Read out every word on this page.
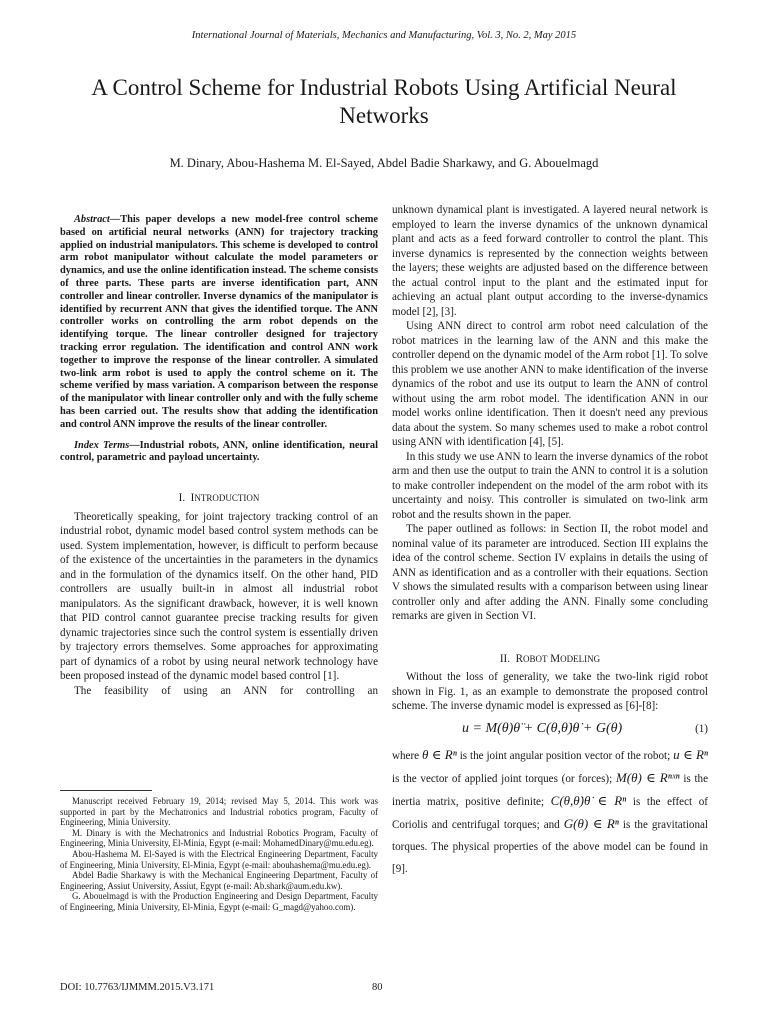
International Journal of Materials, Mechanics and Manufacturing, Vol. 3, No. 2, May 2015
A Control Scheme for Industrial Robots Using Artificial Neural Networks
M. Dinary, Abou-Hashema M. El-Sayed, Abdel Badie Sharkawy, and G. Abouelmagd

Abstract—This paper develops a new model-free control scheme based on artificial neural networks (ANN) for trajectory tracking applied on industrial manipulators. This scheme is developed to control arm robot manipulator without calculate the model parameters or dynamics, and use the online identification instead. The scheme consists of three parts. These parts are inverse identification part, ANN controller and linear controller. Inverse dynamics of the manipulator is identified by recurrent ANN that gives the identified torque. The ANN controller works on controlling the arm robot depends on the identifying torque. The linear controller designed for trajectory tracking error regulation. The identification and control ANN work together to improve the response of the linear controller. A simulated two-link arm robot is used to apply the control scheme on it. The scheme verified by mass variation. A comparison between the response of the manipulator with linear controller only and with the fully scheme has been carried out. The results show that adding the identification and control ANN improve the results of the linear controller.

Index Terms—Industrial robots, ANN, online identification, neural control, parametric and payload uncertainty.

I. INTRODUCTION

Theoretically speaking, for joint trajectory tracking control of an industrial robot, dynamic model based control system methods can be used. System implementation, however, is difficult to perform because of the existence of the uncertainties in the parameters in the dynamics and in the formulation of the dynamics itself. On the other hand, PID controllers are usually built-in in almost all industrial robot manipulators. As the significant drawback, however, it is well known that PID control cannot guarantee precise tracking results for given dynamic trajectories since such the control system is essentially driven by trajectory errors themselves. Some approaches for approximating part of dynamics of a robot by using neural network technology have been proposed instead of the dynamic model based control [1].

The feasibility of using an ANN for controlling an

Manuscript received February 19, 2014; revised May 5, 2014. This work was supported in part by the Mechatronics and Industrial robotics program, Faculty of Engineering, Minia University.

M. Dinary is with the Mechatronics and Industrial Robotics Program, Faculty of Engineering, Minia University, El-Minia, Egypt (e-mail: MohamedDinary@mu.edu.eg).

Abou-Hashema M. El-Sayed is with the Electrical Engineering Department, Faculty of Engineering, Minia University, El-Minia, Egypt (e-mail: abouhashema@mu.edu.eg).

Abdel Badie Sharkawy is with the Mechanical Engineering Department, Faculty of Engineering, Assiut University, Assiut, Egypt (e-mail: Ab.shark@aum.edu.kw).

G. Abouelmagd is with the Production Engineering and Design Department, Faculty of Engineering, Minia University, El-Minia, Egypt (e-mail: G_magd@yahoo.com).

unknown dynamical plant is investigated. A layered neural network is employed to learn the inverse dynamics of the unknown dynamical plant and acts as a feed forward controller to control the plant. This inverse dynamics is represented by the connection weights between the layers; these weights are adjusted based on the difference between the actual control input to the plant and the estimated input for achieving an actual plant output according to the inverse-dynamics model [2], [3].

Using ANN direct to control arm robot need calculation of the robot matrices in the learning law of the ANN and this make the controller depend on the dynamic model of the Arm robot [1]. To solve this problem we use another ANN to make identification of the inverse dynamics of the robot and use its output to learn the ANN of control without using the arm robot model. The identification ANN in our model works online identification. Then it doesn't need any previous data about the system. So many schemes used to make a robot control using ANN with identification [4], [5].

In this study we use ANN to learn the inverse dynamics of the robot arm and then use the output to train the ANN to control it is a solution to make controller independent on the model of the arm robot with its uncertainty and noisy. This controller is simulated on two-link arm robot and the results shown in the paper.

The paper outlined as follows: in Section II, the robot model and nominal value of its parameter are introduced. Section III explains the idea of the control scheme. Section IV explains in details the using of ANN as identification and as a controller with their equations. Section V shows the simulated results with a comparison between using linear controller only and after adding the ANN. Finally some concluding remarks are given in Section VI.

II. ROBOT MODELING

Without the loss of generality, we take the two-link rigid robot shown in Fig. 1, as an example to demonstrate the proposed control scheme. The inverse dynamic model is expressed as [6]-[8]:

u = M(θ)θ̈ + C(θ,θ̇)θ̇ + G(θ)	(1)

where θ ∈ Rⁿ is the joint angular position vector of the robot; u ∈ Rⁿ is the vector of applied joint torques (or forces); M(θ) ∈ Rⁿˣⁿ is the inertia matrix, positive definite; C(θ,θ̇)θ̇ ∈ Rⁿ is the effect of Coriolis and centrifugal torques; and G(θ) ∈ Rⁿ is the gravitational torques. The physical properties of the above model can be found in [9].

DOI: 10.7763/IJMMM.2015.V3.171	80
